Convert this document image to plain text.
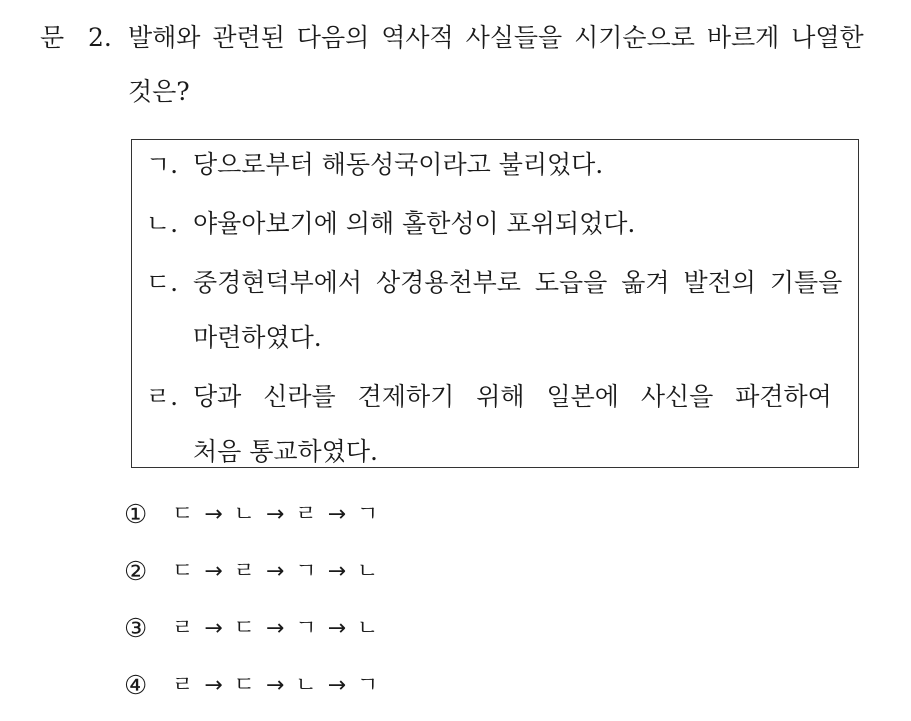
문 2. 발해와 관련된 다음의 역사적 사실들을 시기순으로 바르게 나열한
것은?
ㄱ. 당으로부터 해동성국이라고 불리었다.
ㄴ. 야율아보기에 의해 홀한성이 포위되었다.
ㄷ. 중경현덕부에서 상경용천부로 도읍을 옮겨 발전의 기틀을
마련하였다.
ㄹ. 당과 신라를 견제하기 위해 일본에 사신을 파견하여
처음 통교하였다.
① ㄷ → ㄴ → ㄹ → ㄱ
② ㄷ → ㄹ → ㄱ → ㄴ
③ ㄹ → ㄷ → ㄱ → ㄴ
④ ㄹ → ㄷ → ㄴ → ㄱ
